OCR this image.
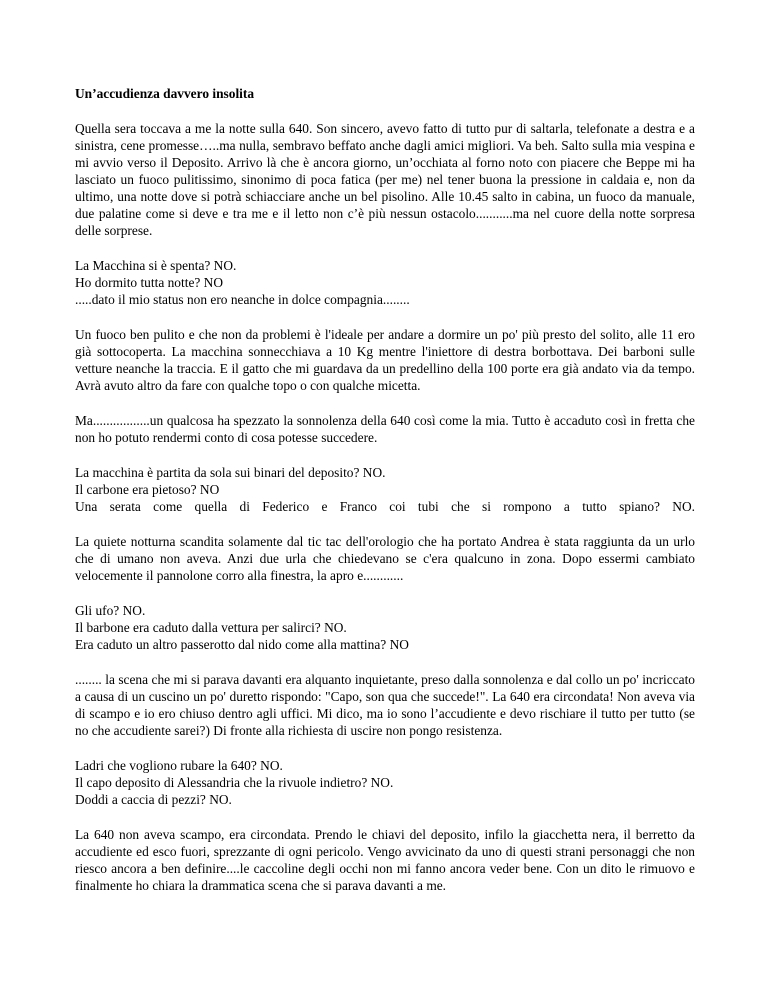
Un’accudienza davvero insolita

Quella sera toccava a me la notte sulla 640. Son sincero, avevo fatto di tutto pur di saltarla, telefonate a destra e a sinistra, cene promesse…..ma nulla, sembravo beffato anche dagli amici migliori. Va beh. Salto sulla mia vespina e mi avvio verso il Deposito. Arrivo là che è ancora giorno, un’occhiata al forno noto con piacere che Beppe mi ha lasciato un fuoco pulitissimo, sinonimo di poca fatica (per me) nel tener buona la pressione in caldaia e, non da ultimo, una notte dove si potrà schiacciare anche un bel pisolino. Alle 10.45 salto in cabina, un fuoco da manuale, due palatine come si deve e tra me e il letto non c’è più nessun ostacolo...........ma nel cuore della notte sorpresa delle sorprese.

La Macchina si è spenta? NO.

Ho dormito tutta notte? NO

.....dato il mio status non ero neanche in dolce compagnia........

Un fuoco ben pulito e che non da problemi è l'ideale per andare a dormire un po' più presto del solito, alle 11 ero già sottocoperta. La macchina sonnecchiava a 10 Kg mentre l'iniettore di destra borbottava. Dei barboni sulle vetture neanche la traccia. E il gatto che mi guardava da un predellino della 100 porte era già andato via da tempo. Avrà avuto altro da fare con qualche topo o con qualche micetta.

Ma.................un qualcosa ha spezzato la sonnolenza della 640 così come la mia. Tutto è accaduto così in fretta che non ho potuto rendermi conto di cosa potesse succedere.

La macchina è partita da sola sui binari del deposito? NO.

Il carbone era pietoso? NO

Una serata come quella di Federico e Franco coi tubi che si rompono a tutto spiano? NO.

La quiete notturna scandita solamente dal tic tac dell'orologio che ha portato Andrea è stata raggiunta da un urlo che di umano non aveva. Anzi due urla che chiedevano se c'era qualcuno in zona. Dopo essermi cambiato velocemente il pannolone corro alla finestra, la apro e............

Gli ufo? NO.

Il barbone era caduto dalla vettura per salirci? NO.

Era caduto un altro passerotto dal nido come alla mattina? NO

........ la scena che mi si parava davanti era alquanto inquietante, preso dalla sonnolenza e dal collo un po' incriccato a causa di un cuscino un po' duretto rispondo: "Capo, son qua che succede!". La 640 era circondata! Non aveva via di scampo e io ero chiuso dentro agli uffici. Mi dico, ma io sono l’accudiente e devo rischiare il tutto per tutto (se no che accudiente sarei?) Di fronte alla richiesta di uscire non pongo resistenza.

Ladri che vogliono rubare la 640? NO.

Il capo deposito di Alessandria che la rivuole indietro? NO.

Doddi a caccia di pezzi? NO.

La 640 non aveva scampo, era circondata. Prendo le chiavi del deposito, infilo la giacchetta nera, il berretto da accudiente ed esco fuori, sprezzante di ogni pericolo. Vengo avvicinato da uno di questi strani personaggi che non riesco ancora a ben definire....le caccoline degli occhi non mi fanno ancora veder bene. Con un dito le rimuovo e finalmente ho chiara la drammatica scena che si parava davanti a me.
